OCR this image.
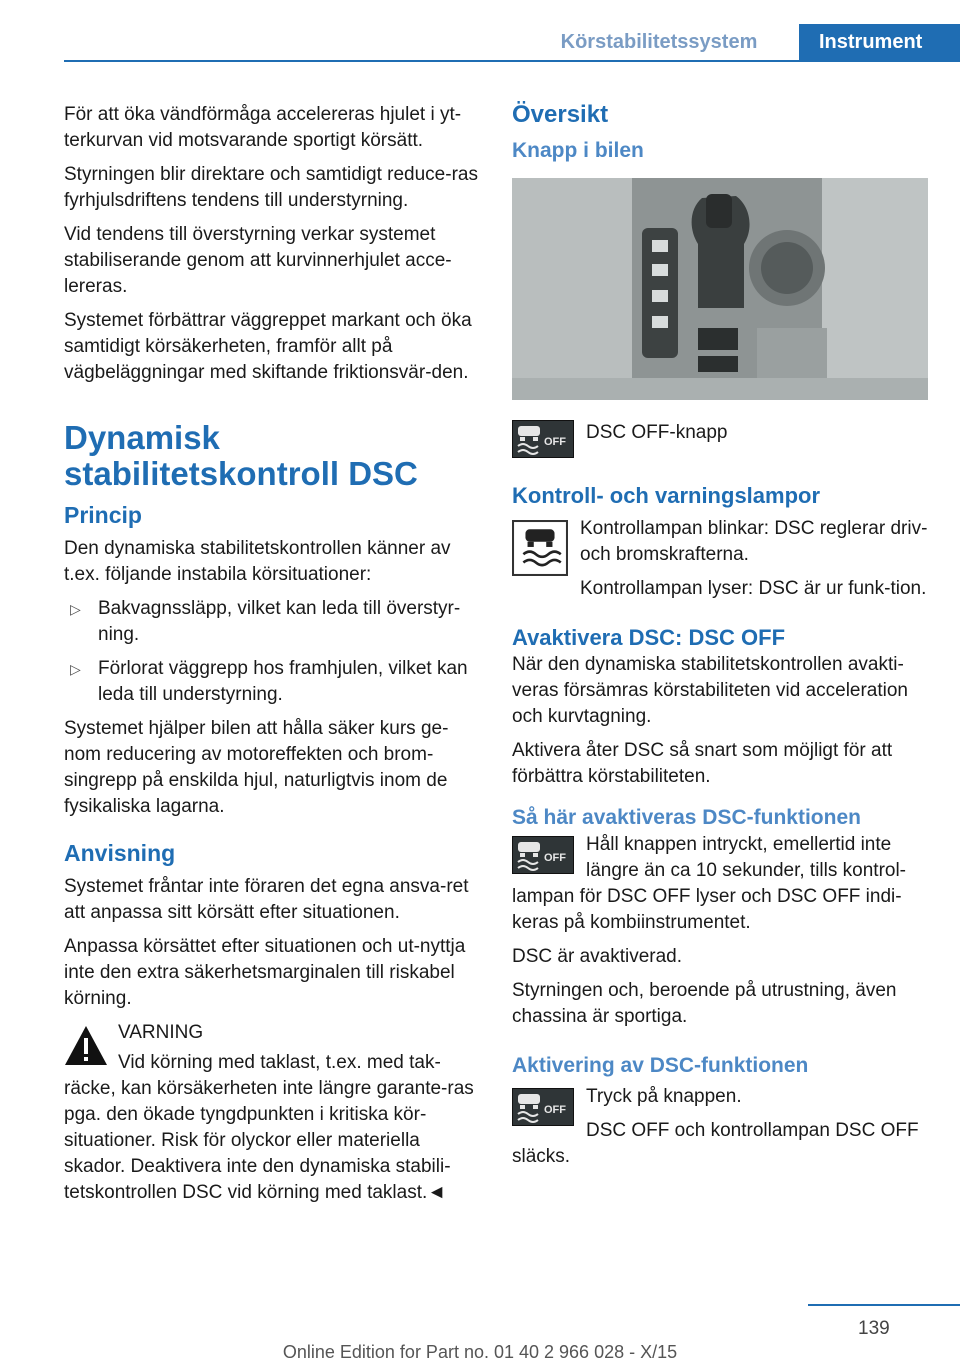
Körstabilitetssystem	Instrument

För att öka vändförmåga accelereras hjulet i yt-terkurvan vid motsvarande sportigt körsätt.

Styrningen blir direktare och samtidigt reduce-ras fyrhjulsdriftens tendens till understyrning.

Vid tendens till överstyrning verkar systemet stabiliserande genom att kurvinnerhjulet acce-lereras.

Systemet förbättrar väggreppet markant och öka samtidigt körsäkerheten, framför allt på vägbeläggningar med skiftande friktionsvär-den.

Dynamisk stabilitetskontroll DSC
Princip

Den dynamiska stabilitetskontrollen känner av t.ex. följande instabila körsituationer:

▷ Bakvagnssläpp, vilket kan leda till överstyr-ning.
▷ Förlorat väggrepp hos framhjulen, vilket kan leda till understyrning.

Systemet hjälper bilen att hålla säker kurs ge-nom reducering av motoreffekten och brom-singrepp på enskilda hjul, naturligtvis inom de fysikaliska lagarna.

Anvisning

Systemet fråntar inte föraren det egna ansva-ret att anpassa sitt körsätt efter situationen.

Anpassa körsättet efter situationen och ut-nyttja inte den extra säkerhetsmarginalen till riskabel körning.

VARNING

Vid körning med taklast, t.ex. med tak-räcke, kan körsäkerheten inte längre garante-ras pga. den ökade tyngdpunkten i kritiska kör-situationer. Risk för olyckor eller materiella skador. Deaktivera inte den dynamiska stabili-tetskontrollen DSC vid körning med taklast.◄

Översikt
Knapp i bilen
OFF	DSC OFF-knapp

Kontroll- och varningslampor

Kontrollampan blinkar: DSC reglerar driv- och bromskrafterna.

Kontrollampan lyser: DSC är ur funk-tion.

Avaktivera DSC: DSC OFF

När den dynamiska stabilitetskontrollen avakti-veras försämras körstabiliteten vid acceleration och kurvtagning.

Aktivera åter DSC så snart som möjligt för att förbättra körstabiliteten.

Så här avaktiveras DSC-funktionen
OFF

Håll knappen intryckt, emellertid inte längre än ca 10 sekunder, tills kontrol-lampan för DSC OFF lyser och DSC OFF indi-keras på kombiinstrumentet.

DSC är avaktiverad.

Styrningen och, beroende på utrustning, även chassina är sportiga.

Aktivering av DSC-funktionen
OFF

Tryck på knappen.

DSC OFF och kontrollampan DSC OFF släcks.

139
Online Edition for Part no. 01 40 2 966 028 - X/15
